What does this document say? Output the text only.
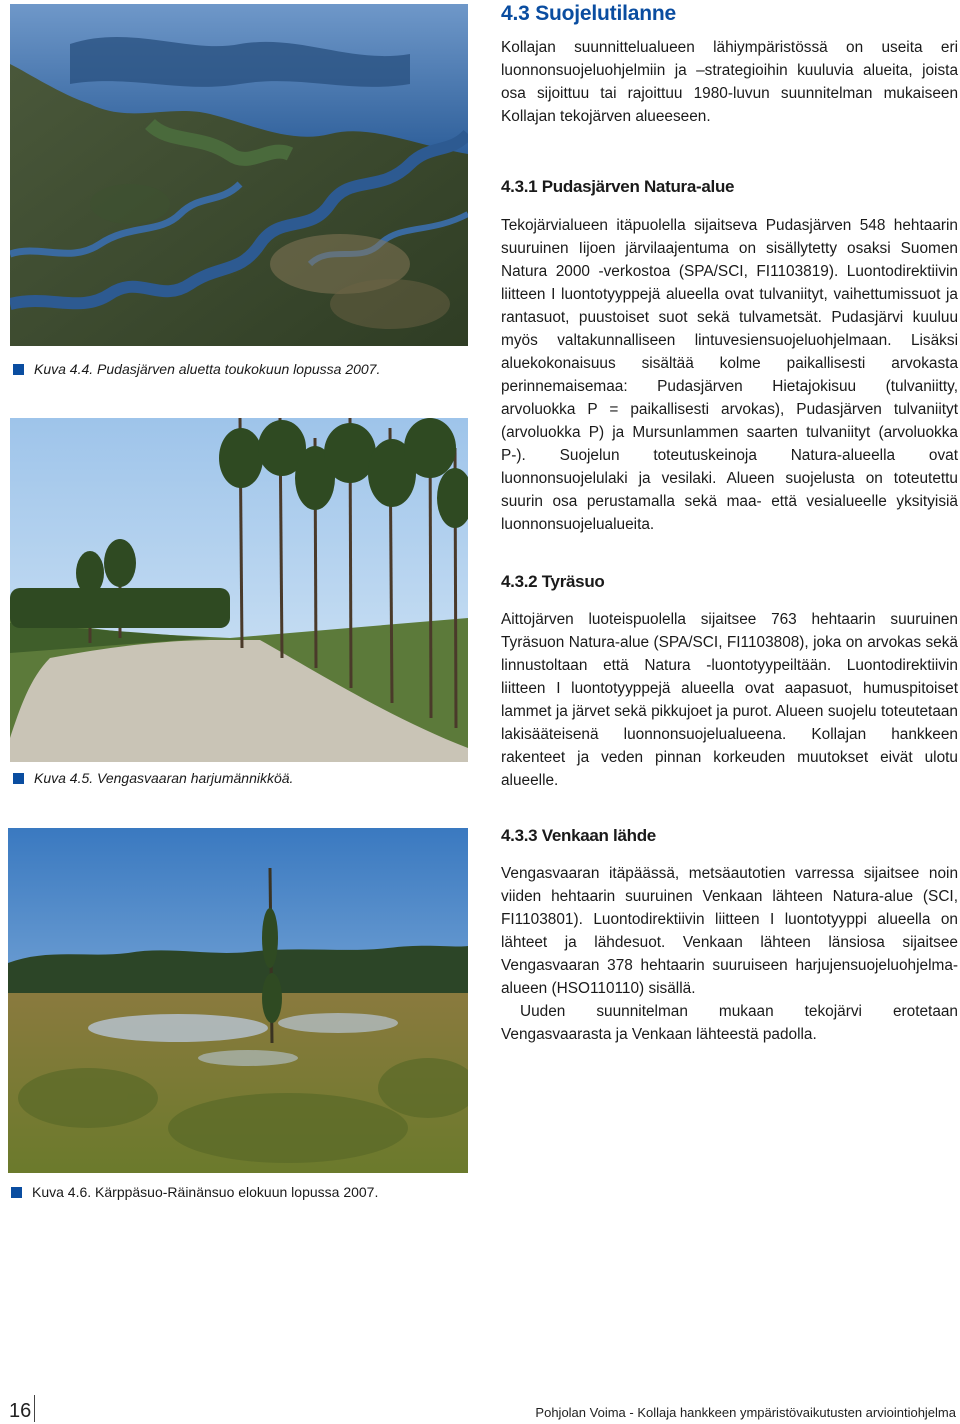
Kuva 4.4. Pudasjärven aluetta toukokuun lopussa 2007.
Kuva 4.5. Vengasvaaran harjumännikköä.
Kuva 4.6. Kärppäsuo-Räinänsuo elokuun lopussa 2007.
4.3 Suojelutilanne

Kollajan suunnittelualueen lähiympäristössä on useita eri luonnonsuojeluohjelmiin ja –strategioihin kuuluvia alueita, joista osa sijoittuu tai rajoittuu 1980-luvun suunnitelman mukaiseen Kollajan tekojärven alueeseen.

4.3.1 Pudasjärven Natura-alue

Tekojärvialueen itäpuolella sijaitseva Pudasjärven 548 hehtaarin suuruinen Iijoen järvilaajentuma on sisällytetty osaksi Suomen Natura 2000 -verkostoa (SPA/SCI, FI1103819). Luontodirektiivin liitteen I luontotyyppejä alueella ovat tulvaniityt, vaihettumissuot ja rantasuot, puustoiset suot sekä tulvametsät. Pudasjärvi kuuluu myös valtakunnalliseen lintuvesiensuojeluohjelmaan. Lisäksi aluekokonaisuus sisältää kolme paikallisesti arvokasta perinnemaisemaa: Pudasjärven Hietajokisuu (tulvaniitty, arvoluokka P = paikallisesti arvokas), Pudasjärven tulvaniityt (arvoluokka P) ja Mursunlammen saarten tulvaniityt (arvoluokka P-). Suojelun toteutuskeinoja Natura-alueella ovat luonnonsuojelulaki ja vesilaki. Alueen suojelusta on toteutettu suurin osa perustamalla sekä maa- että vesialueelle yksityisiä luonnonsuojelualueita.

4.3.2 Tyräsuo

Aittojärven luoteispuolella sijaitsee 763 hehtaarin suuruinen Tyräsuon Natura-alue (SPA/SCI, FI1103808), joka on arvokas sekä linnustoltaan että Natura -luontotyypeiltään. Luontodirektiivin liitteen I luontotyyppejä alueella ovat aapasuot, humuspitoiset lammet ja järvet sekä pikkujoet ja purot. Alueen suojelu toteutetaan lakisääteisenä luonnonsuojelualueena. Kollajan hankkeen rakenteet ja veden pinnan korkeuden muutokset eivät ulotu alueelle.

4.3.3 Venkaan lähde

Vengasvaaran itäpäässä, metsäautotien varressa sijaitsee noin viiden hehtaarin suuruinen Venkaan lähteen Natura-alue (SCI, FI1103801). Luontodirektiivin liitteen I luontotyyppi alueella on lähteet ja lähdesuot. Venkaan lähteen länsiosa sijaitsee Vengasvaaran 378 hehtaarin suuruiseen harjujensuojeluohjelma-alueen (HSO110110) sisällä.

Uuden suunnitelman mukaan tekojärvi erotetaan Vengasvaarasta ja Venkaan lähteestä padolla.

16	Pohjolan Voima - Kollaja hankkeen ympäristövaikutusten arviointiohjelma
